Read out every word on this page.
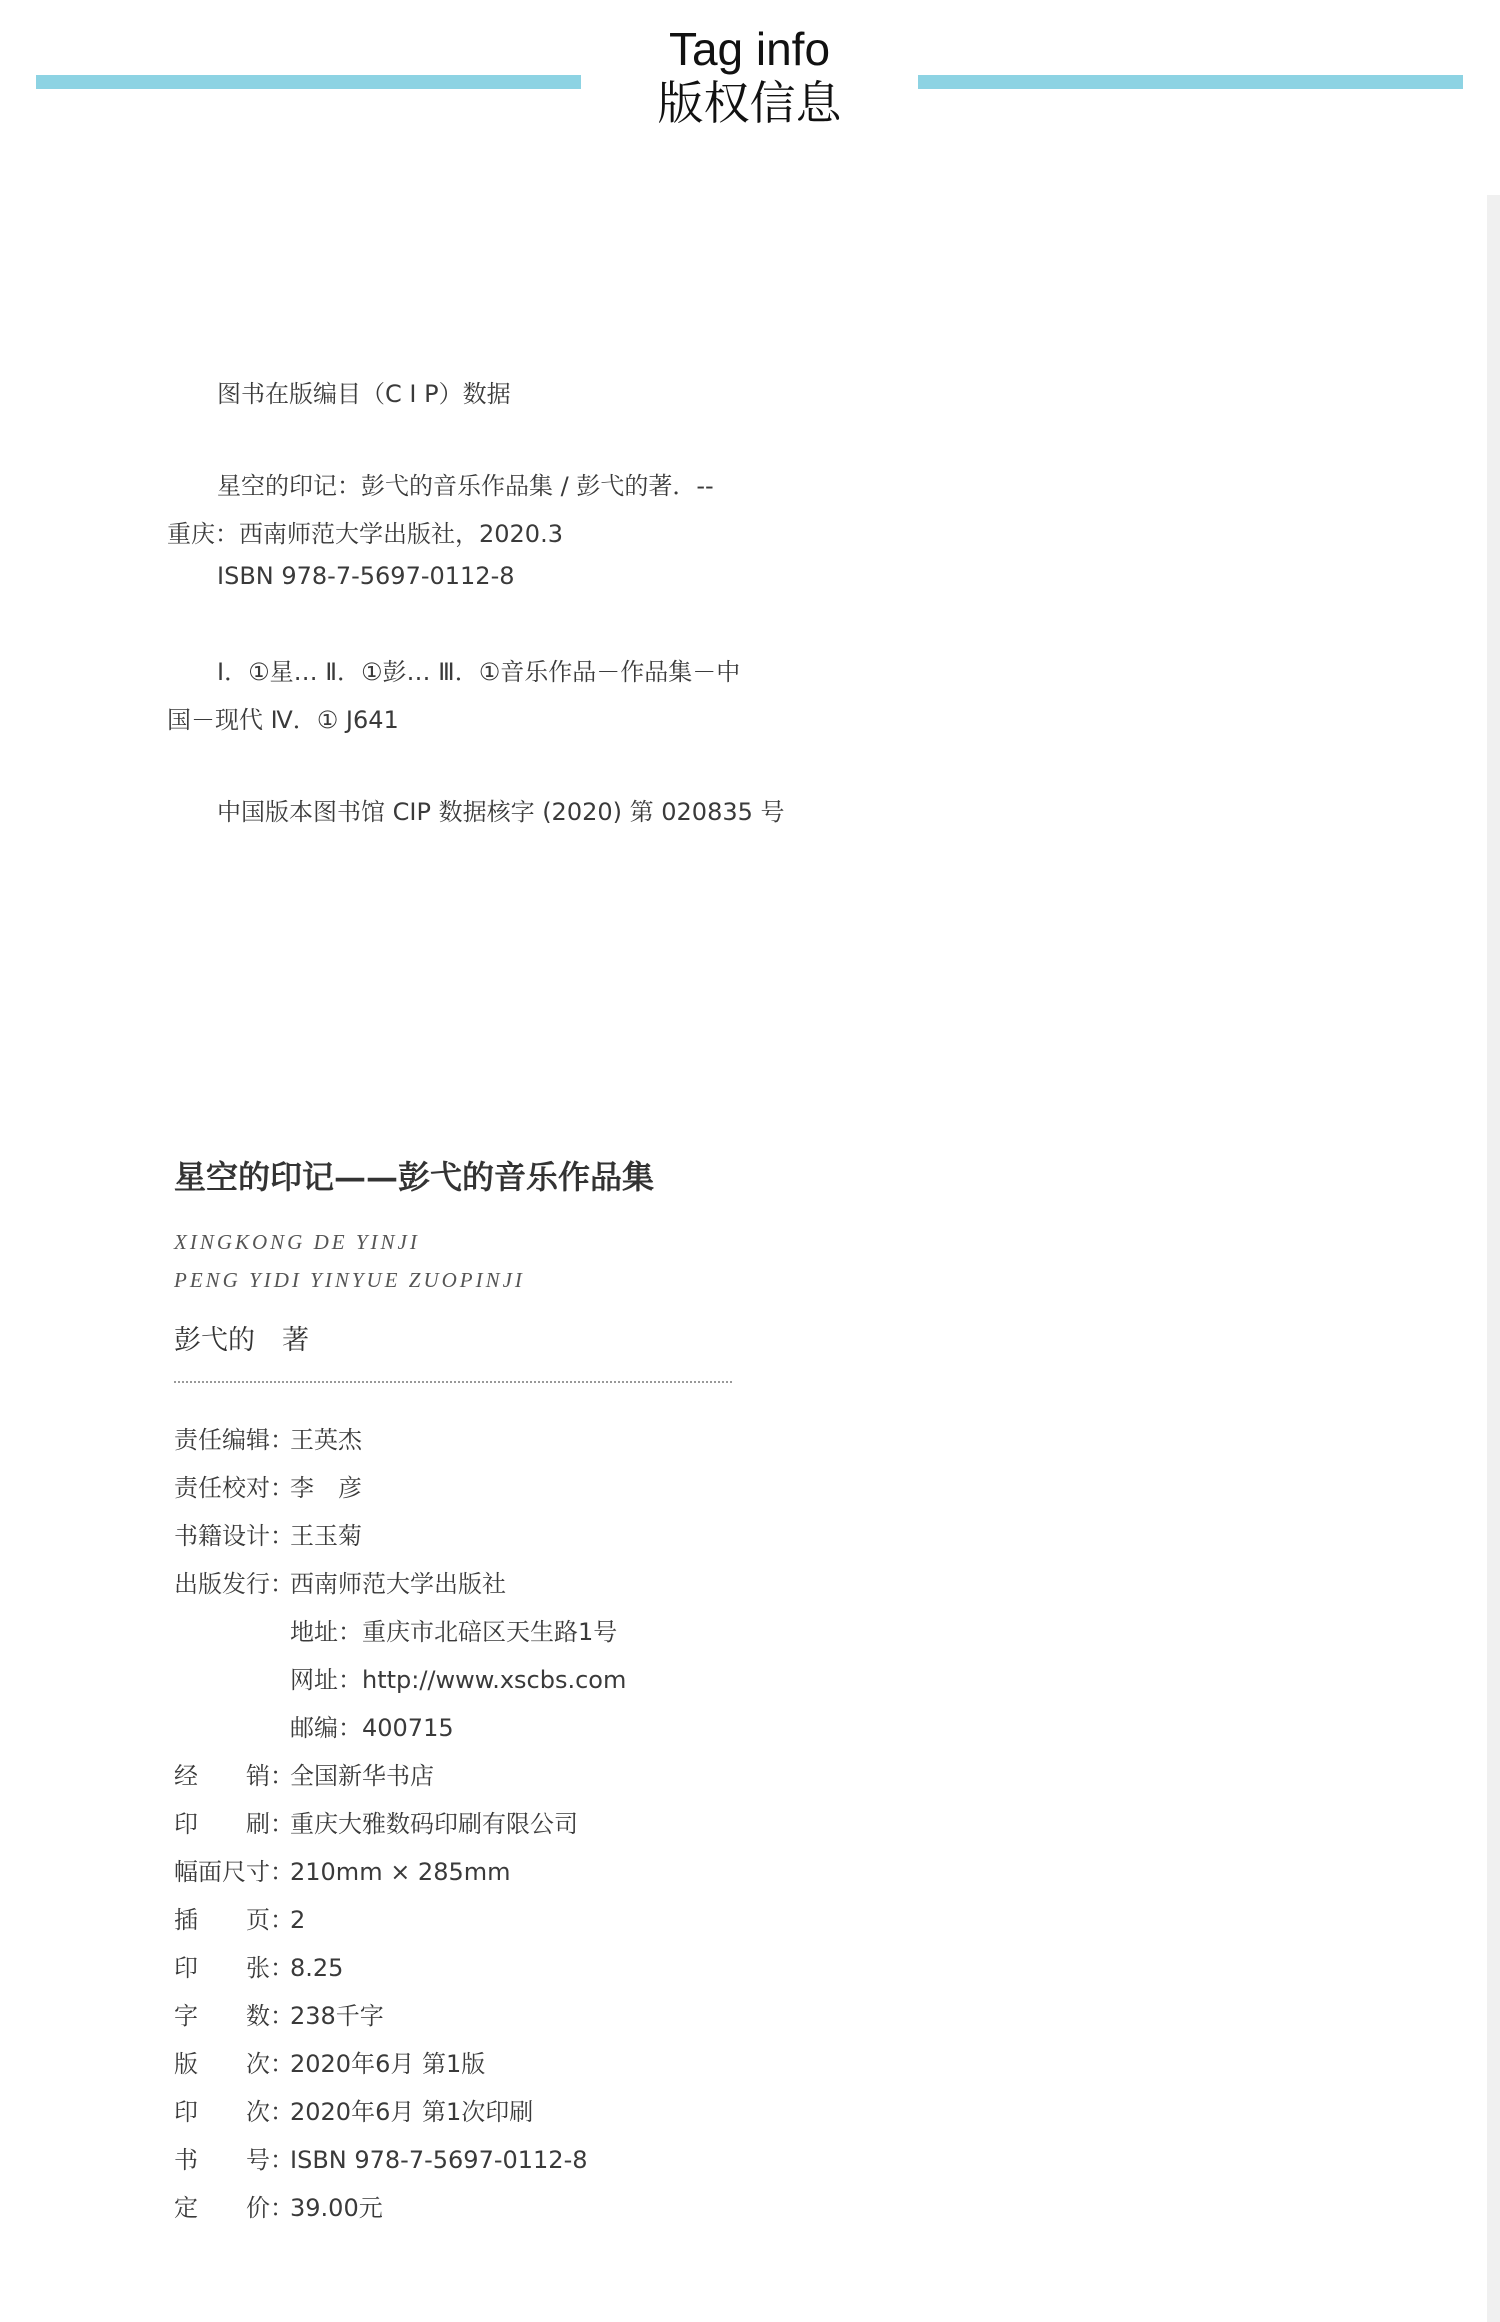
Tag info
版权信息
图书在版编目（C I P）数据
星空的印记：彭弋的音乐作品集 / 彭弋的著．--
重庆：西南师范大学出版社，2020.3
ISBN 978-7-5697-0112-8
Ⅰ．①星… Ⅱ．①彭… Ⅲ．①音乐作品－作品集－中
国－现代 Ⅳ．① J641
中国版本图书馆 CIP 数据核字 (2020) 第 020835 号
星空的印记——彭弋的音乐作品集
XINGKONG DE YINJI
PENG YIDI YINYUE ZUOPINJI
彭弋的　著
责任编辑：王英杰
责任校对：李　彦
书籍设计：王玉菊
出版发行：西南师范大学出版社
地址：重庆市北碚区天生路1号
网址：http://www.xscbs.com
邮编：400715
经　　销：全国新华书店
印　　刷：重庆大雅数码印刷有限公司
幅面尺寸：210mm × 285mm
插　　页：2
印　　张：8.25
字　　数：238千字
版　　次：2020年6月 第1版
印　　次：2020年6月 第1次印刷
书　　号：ISBN 978-7-5697-0112-8
定　　价：39.00元
